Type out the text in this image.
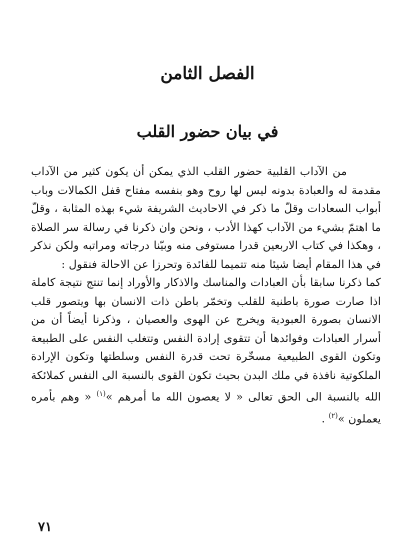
الفصل الثامن
في بيان حضور القلب

من الآداب القلبية حضور القلب الذي يمكن أن يكون كثير من الآداب مقدمة له والعبادة بدونه ليس لها روح وهو بنفسه مفتاح قفل الكمالات وباب أبواب السعادات وقلّ ما ذكر في الاحاديث الشريفة شيء بهذه المثابة ، وقلّ ما اهتمّ بشيء من الآداب كهذا الأدب ، ونحن وان ذكرنا في رسالة سر الصلاة ، وهكذا في كتاب الاربعين قدرا مستوفى منه وبيّنا درجاته ومراتبه ولكن نذكر في هذا المقام أيضا شيئا منه تتميما للفائدة وتحرزا عن الاحالة فنقول :

كما ذكرنا سابقا بأن العبادات والمناسك والاذكار والأوراد إنما تنتج نتيجة كاملة اذا صارت صورة باطنية للقلب وتخمّر باطن ذات الانسان بها ويتصور قلب الانسان بصورة العبودية ويخرج عن الهوى والعصيان ، وذكرنا أيضاً أن من أسرار العبادات وفوائدها أن تتقوى إرادة النفس وتتغلب النفس على الطبيعة وتكون القوى الطبيعية مسخّرة تحت قدرة النفس وسلطتها وتكون الإرادة الملكوتية نافذة في ملك البدن بحيث تكون القوى بالنسبة الى النفس كملائكة الله بالنسبة الى الحق تعالى « لا يعصون الله ما أمرهم »$^{(١)}$ « وهم بأمره يعملون »$^{(٢)}$ .

٧١
